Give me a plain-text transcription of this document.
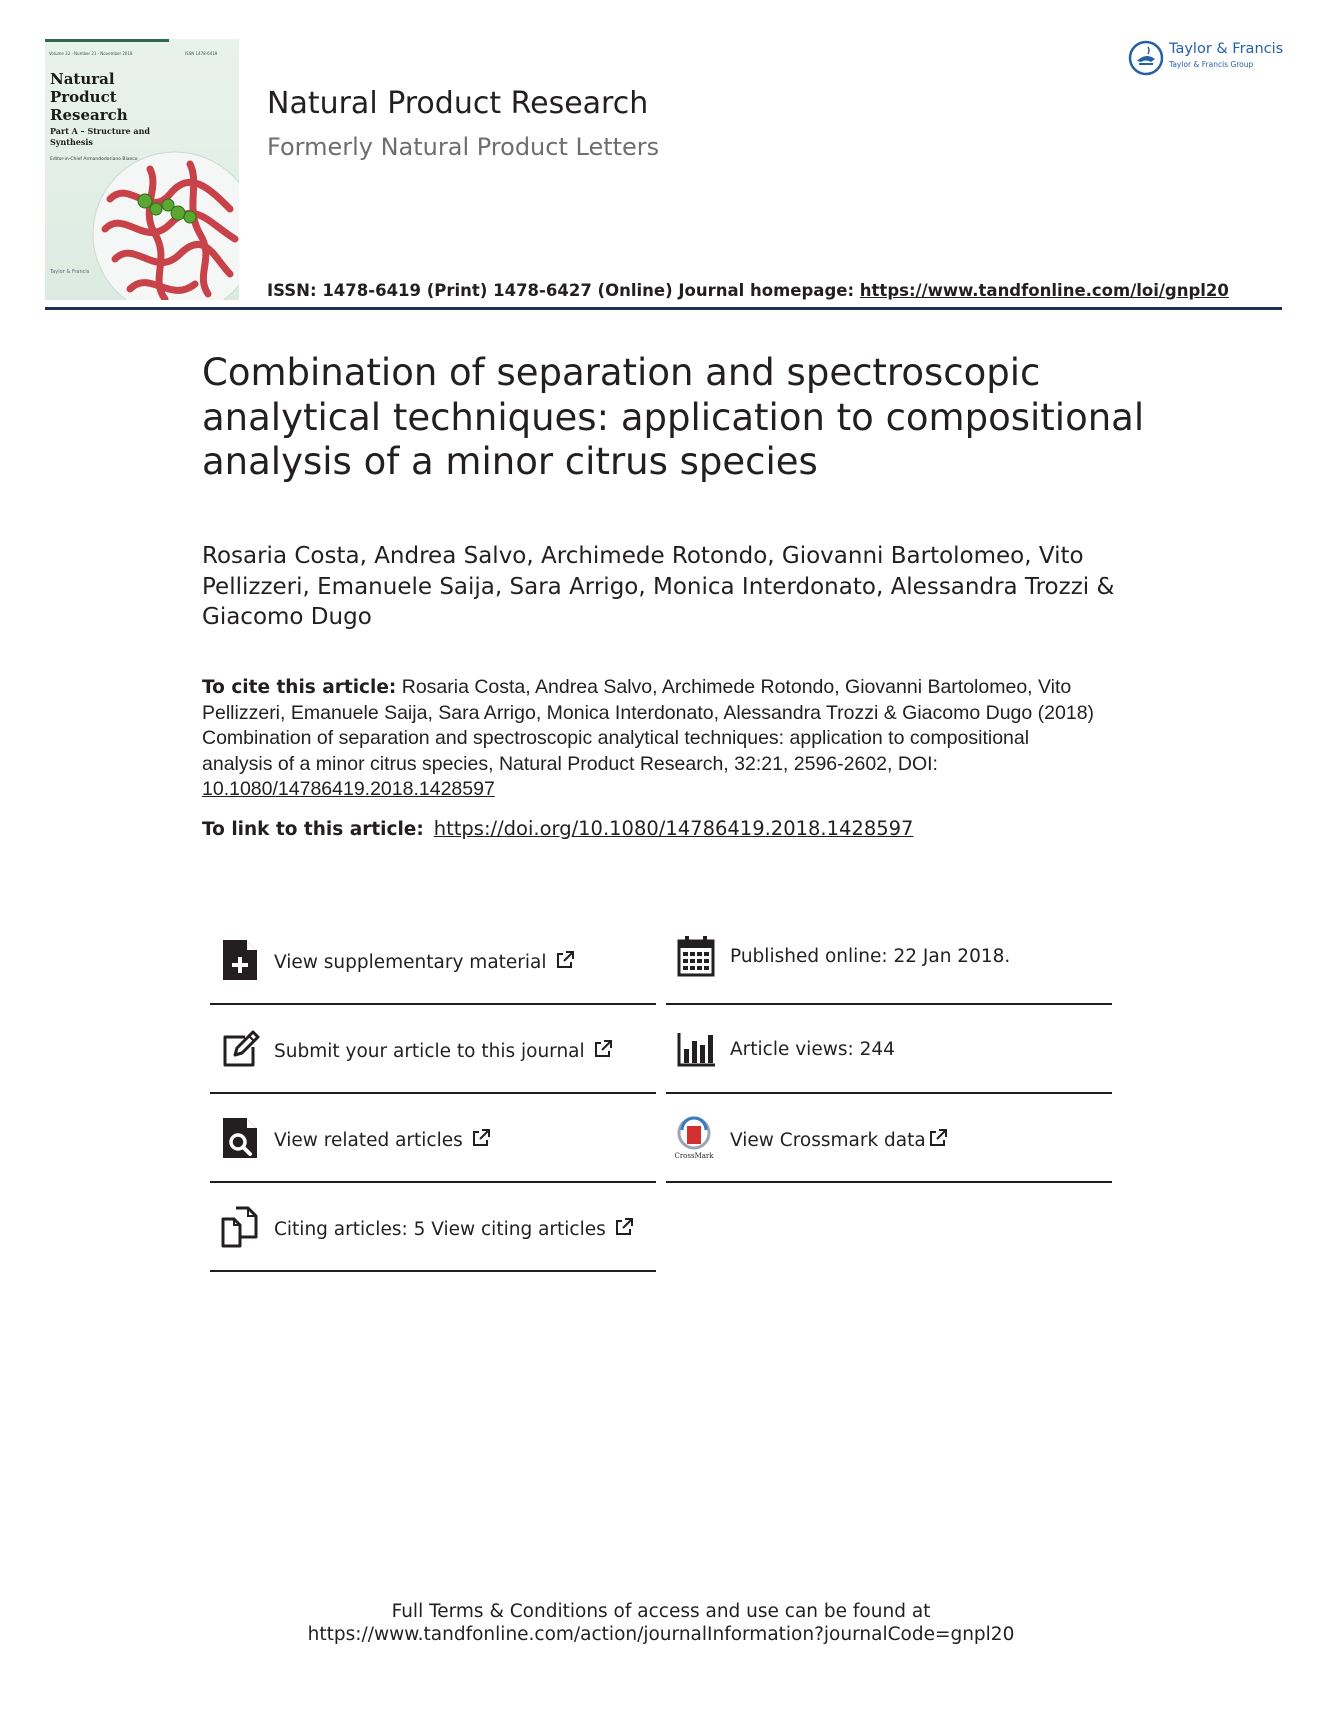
Volume 32 · Number 21 · November 2018	ISSN 1478-6419
Natural Product Research
Part A – Structure and Synthesis
Editor-in-Chief Armandodoriano Bianco
Taylor & Francis
Natural Product Research
Formerly Natural Product Letters
ISSN: 1478-6419 (Print) 1478-6427 (Online) Journal homepage: https://www.tandfonline.com/loi/gnpl20
Taylor & Francis
Taylor & Francis Group
Combination of separation and spectroscopic analytical techniques: application to compositional analysis of a minor citrus species
Rosaria Costa, Andrea Salvo, Archimede Rotondo, Giovanni Bartolomeo, Vito Pellizzeri, Emanuele Saija, Sara Arrigo, Monica Interdonato, Alessandra Trozzi & Giacomo Dugo
To cite this article: Rosaria Costa, Andrea Salvo, Archimede Rotondo, Giovanni Bartolomeo, Vito Pellizzeri, Emanuele Saija, Sara Arrigo, Monica Interdonato, Alessandra Trozzi & Giacomo Dugo (2018) Combination of separation and spectroscopic analytical techniques: application to compositional analysis of a minor citrus species, Natural Product Research, 32:21, 2596-2602, DOI: 10.1080/14786419.2018.1428597
To link to this article: https://doi.org/10.1080/14786419.2018.1428597
View supplementary material
Submit your article to this journal
View related articles
Citing articles: 5 View citing articles
Published online: 22 Jan 2018.
Article views: 244
CrossMark
View Crossmark data
Full Terms & Conditions of access and use can be found at
https://www.tandfonline.com/action/journalInformation?journalCode=gnpl20
